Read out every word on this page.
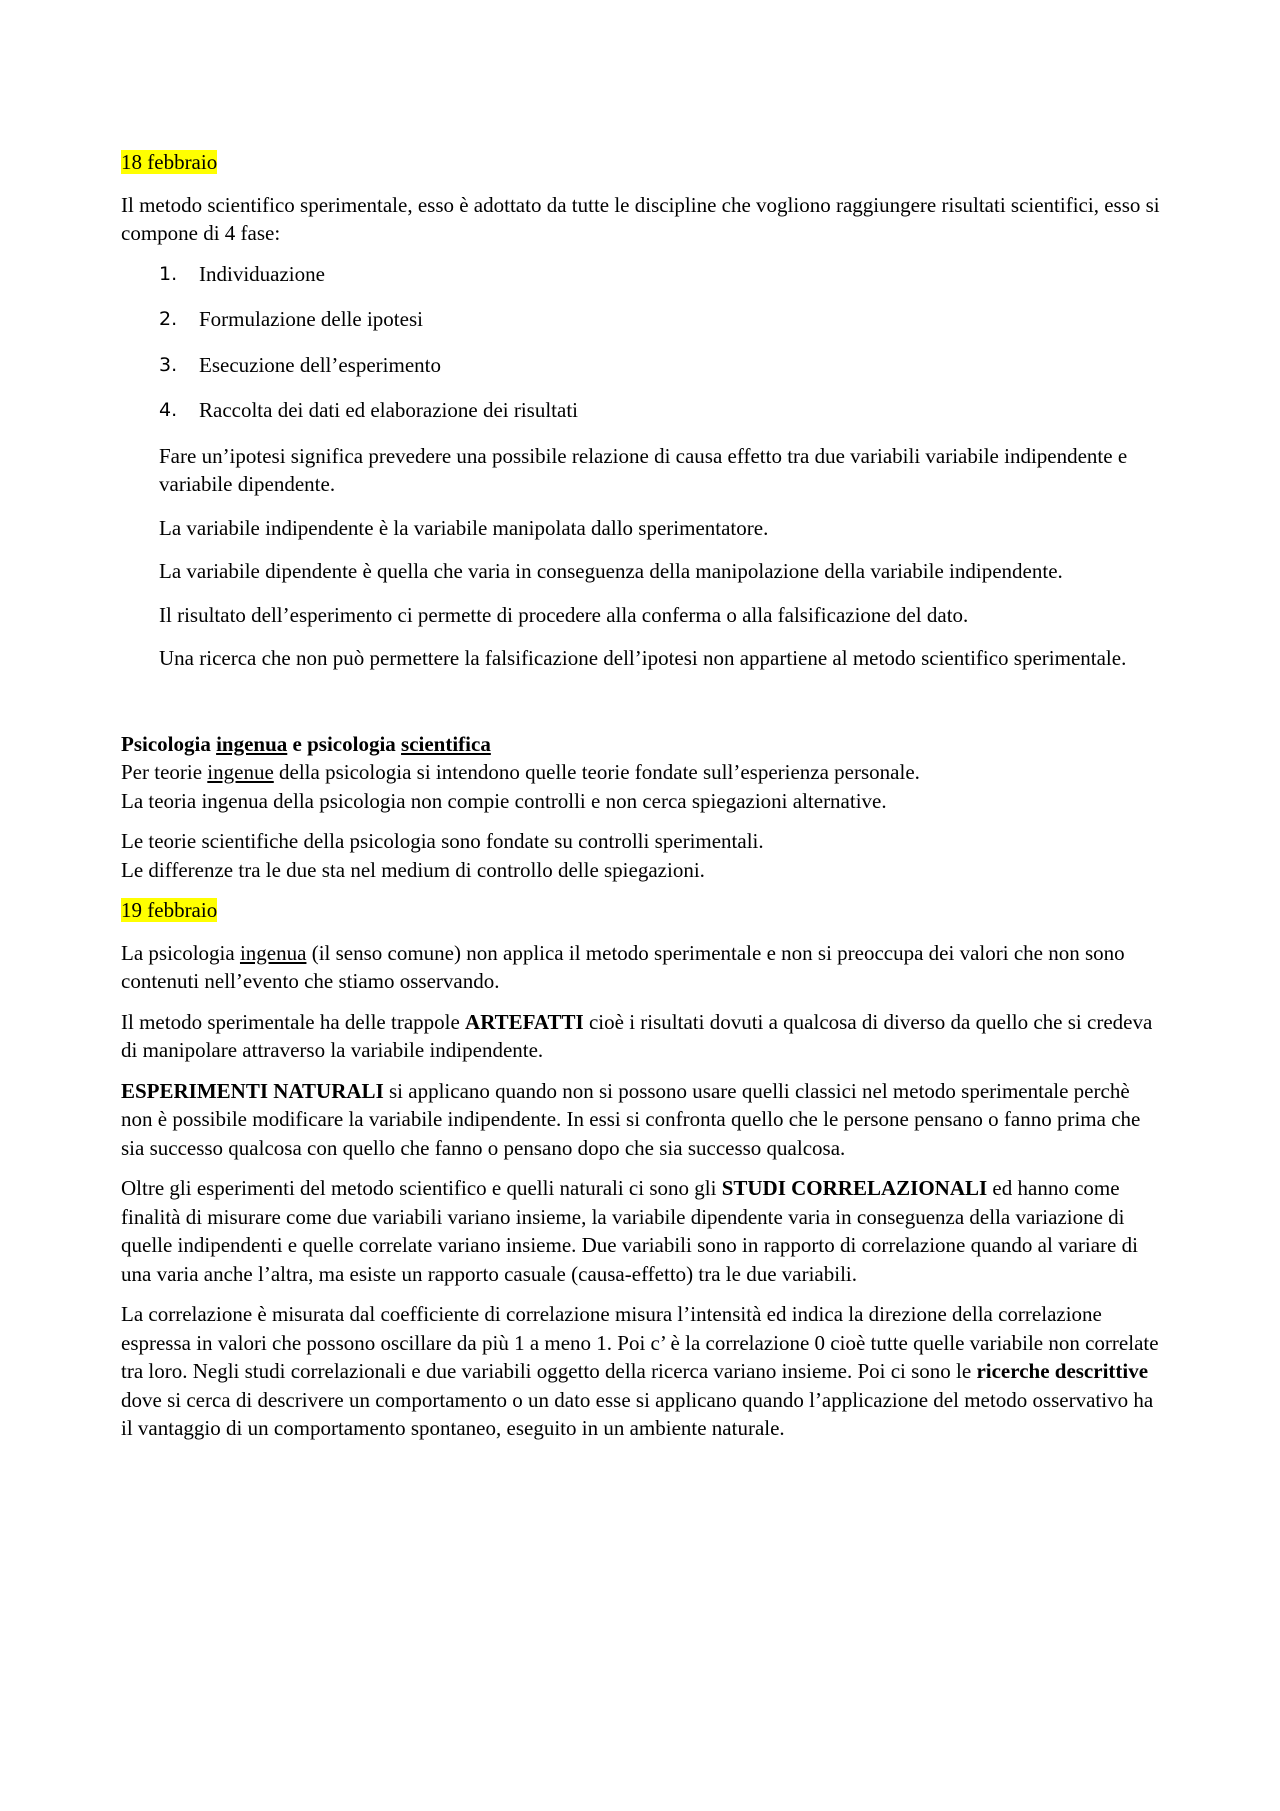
18 febbraio

Il metodo scientifico sperimentale, esso è adottato da tutte le discipline che vogliono raggiungere risultati scientifici, esso si compone di 4 fase:

1.	Individuazione
2.	Formulazione delle ipotesi
3.	Esecuzione dell’esperimento
4.	Raccolta dei dati ed elaborazione dei risultati

Fare un’ipotesi significa prevedere una possibile relazione di causa effetto tra due variabili variabile indipendente e variabile dipendente.

La variabile indipendente è la variabile manipolata dallo sperimentatore.

La variabile dipendente è quella che varia in conseguenza della manipolazione della variabile indipendente.

Il risultato dell’esperimento ci permette di procedere alla conferma o alla falsificazione del dato.

Una ricerca che non può permettere la falsificazione dell’ipotesi non appartiene al metodo scientifico sperimentale.

Psicologia ingenua e psicologia scientifica

Per teorie ingenue della psicologia si intendono quelle teorie fondate sull’esperienza personale.

La teoria ingenua della psicologia non compie controlli e non cerca spiegazioni alternative.

Le teorie scientifiche della psicologia sono fondate su controlli sperimentali.

Le differenze tra le due sta nel medium di controllo delle spiegazioni.

19 febbraio

La psicologia ingenua (il senso comune) non applica il metodo sperimentale e non si preoccupa dei valori che non sono contenuti nell’evento che stiamo osservando.

Il metodo sperimentale ha delle trappole ARTEFATTI cioè i risultati dovuti a qualcosa di diverso da quello che si credeva di manipolare attraverso la variabile indipendente.

ESPERIMENTI NATURALI si applicano quando non si possono usare quelli classici nel metodo sperimentale perchè non è possibile modificare la variabile indipendente. In essi si confronta quello che le persone pensano o fanno prima che sia successo qualcosa con quello che fanno o pensano dopo che sia successo qualcosa.

Oltre gli esperimenti del metodo scientifico e quelli naturali ci sono gli STUDI CORRELAZIONALI ed hanno come finalità di misurare come due variabili variano insieme, la variabile dipendente varia in conseguenza della variazione di quelle indipendenti e quelle correlate variano insieme. Due variabili sono in rapporto di correlazione quando al variare di una varia anche l’altra, ma esiste un rapporto casuale (causa-effetto) tra le due variabili.

La correlazione è misurata dal coefficiente di correlazione misura l’intensità ed indica la direzione della correlazione espressa in valori che possono oscillare da più 1 a meno 1. Poi c’ è la correlazione 0 cioè tutte quelle variabile non correlate tra loro. Negli studi correlazionali e due variabili oggetto della ricerca variano insieme. Poi ci sono le ricerche descrittive dove si cerca di descrivere un comportamento o un dato esse si applicano quando l’applicazione del metodo osservativo ha il vantaggio di un comportamento spontaneo, eseguito in un ambiente naturale.
